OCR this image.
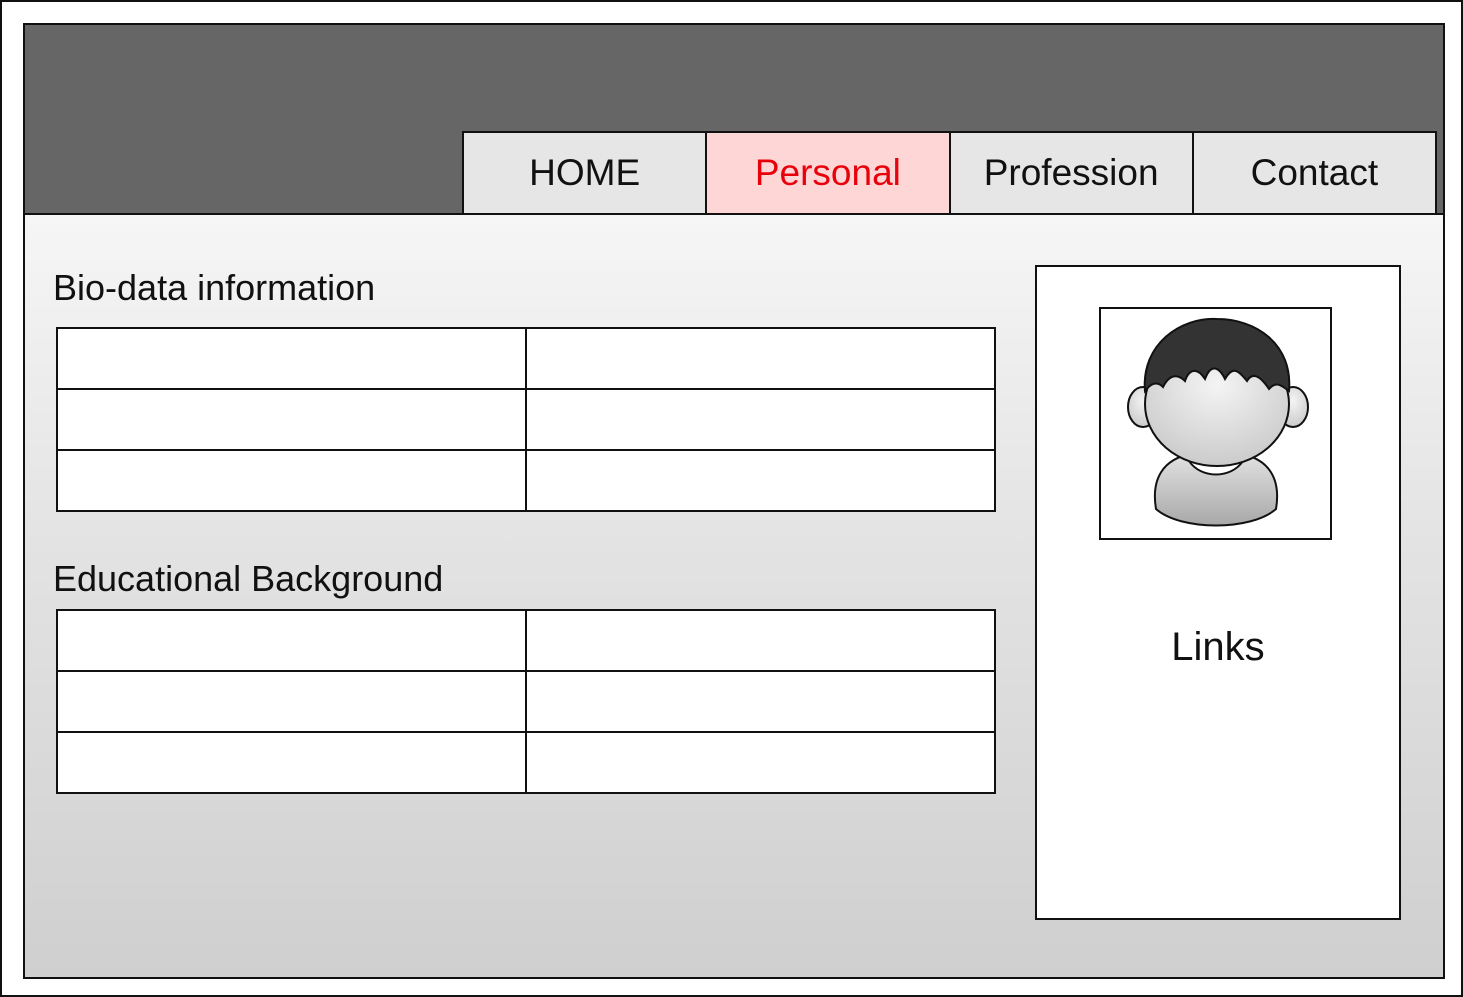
HOME	Personal	Profession	Contact
Bio-data information

Educational Background

Links
